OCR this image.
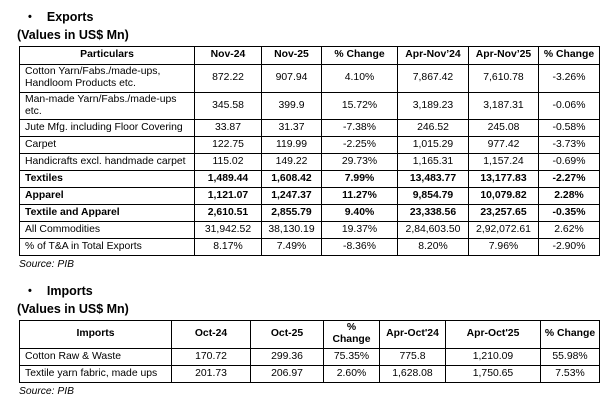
• Exports
(Values in US$ Mn)
Particulars	Nov-24	Nov-25	% Change	Apr-Nov’24	Apr-Nov’25	% Change
Cotton Yarn/Fabs./made-ups, Handloom Products etc.	872.22	907.94	4.10%	7,867.42	7,610.78	-3.26%
Man-made Yarn/Fabs./made-ups etc.	345.58	399.9	15.72%	3,189.23	3,187.31	-0.06%
Jute Mfg. including Floor Covering	33.87	31.37	-7.38%	246.52	245.08	-0.58%
Carpet	122.75	119.99	-2.25%	1,015.29	977.42	-3.73%
Handicrafts excl. handmade carpet	115.02	149.22	29.73%	1,165.31	1,157.24	-0.69%
Textiles	1,489.44	1,608.42	7.99%	13,483.77	13,177.83	-2.27%
Apparel	1,121.07	1,247.37	11.27%	9,854.79	10,079.82	2.28%
Textile and Apparel	2,610.51	2,855.79	9.40%	23,338.56	23,257.65	-0.35%
All Commodities	31,942.52	38,130.19	19.37%	2,84,603.50	2,92,072.61	2.62%
% of T&A in Total Exports	8.17%	7.49%	-8.36%	8.20%	7.96%	-2.90%
Source: PIB
• Imports
(Values in US$ Mn)
Imports	Oct-24	Oct-25	% Change	Apr-Oct'24	Apr-Oct'25	% Change
Cotton Raw & Waste	170.72	299.36	75.35%	775.8	1,210.09	55.98%
Textile yarn fabric, made ups	201.73	206.97	2.60%	1,628.08	1,750.65	7.53%
Source: PIB
